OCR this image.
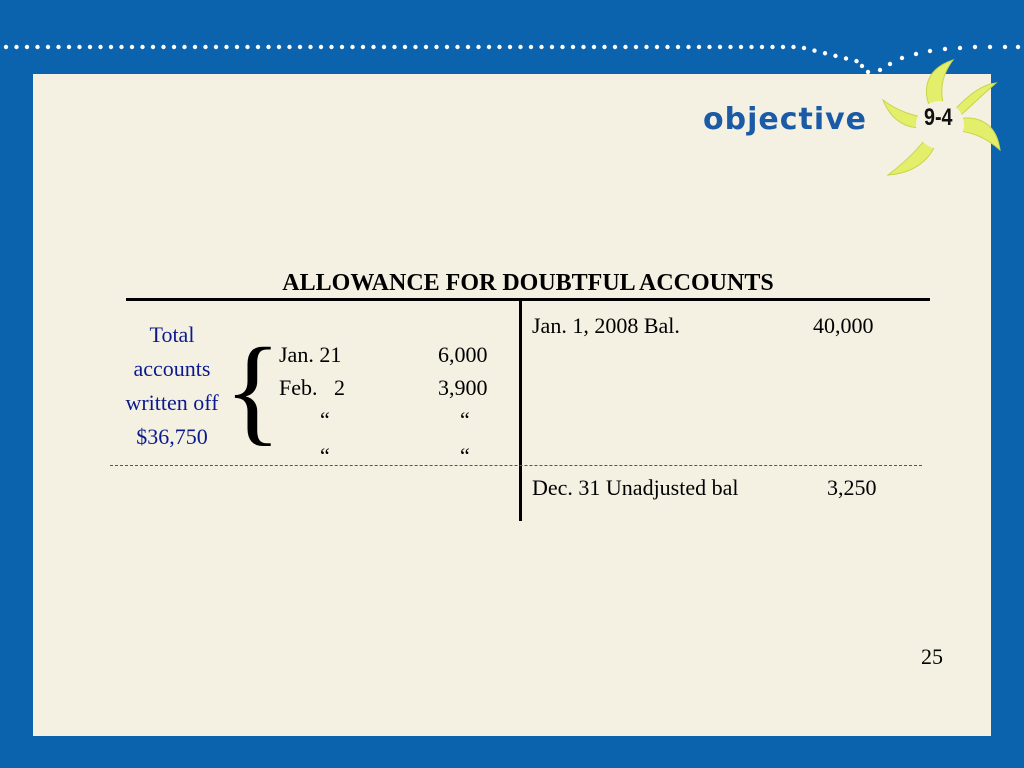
objective 9-4
ALLOWANCE FOR DOUBTFUL ACCOUNTS
Jan. 21	6,000
Feb.   2	3,900
“	“
“	“
Jan. 1, 2008 Bal.	40,000
Dec. 31 Unadjusted bal	3,250
Total
accounts
written off
$36,750 {
25
